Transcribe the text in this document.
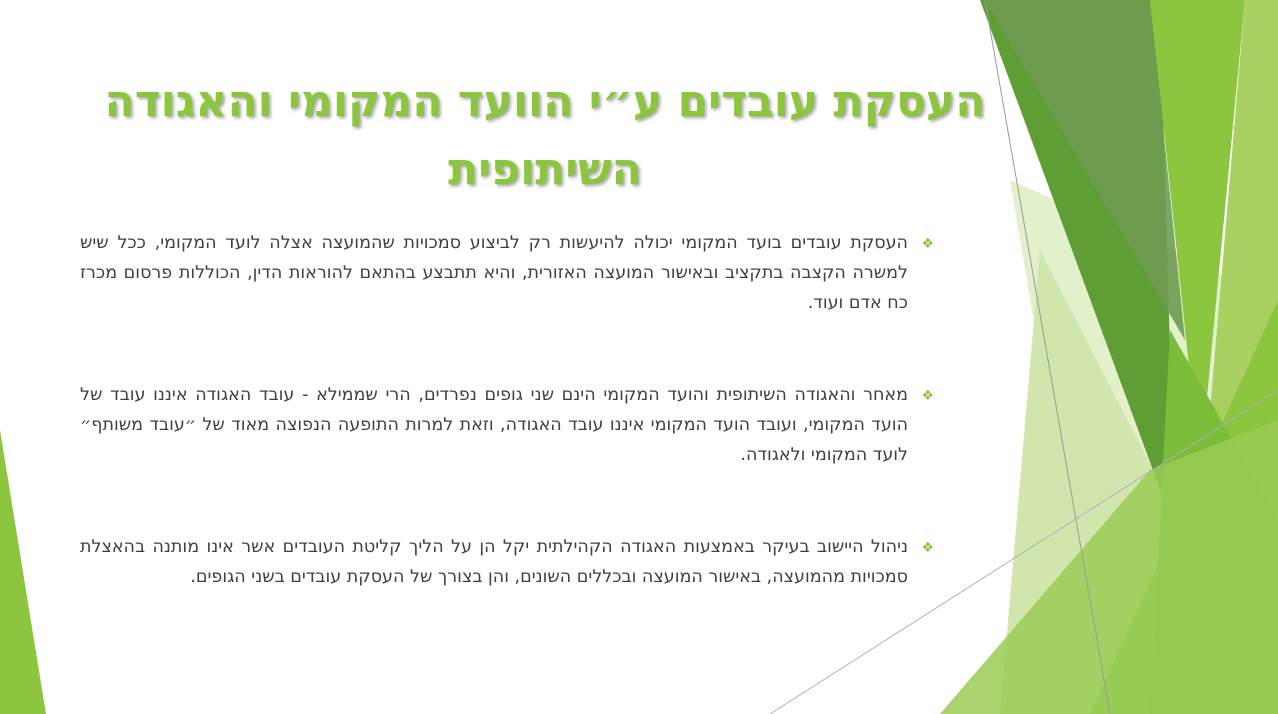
העסקת עובדים ע״י הוועד המקומי והאגודה השיתופית
❖
העסקת עובדים בועד המקומי יכולה להיעשות רק לביצוע סמכויות שהמועצה אצלה לועד המקומי, ככל שיש למשרה הקצבה בתקציב ובאישור המועצה האזורית, והיא תתבצע בהתאם להוראות הדין, הכוללות פרסום מכרז כח אדם ועוד.
❖
מאחר והאגודה השיתופית והועד המקומי הינם שני גופים נפרדים, הרי שממילא - עובד האגודה איננו עובד של הועד המקומי, ועובד הועד המקומי איננו עובד האגודה, וזאת למרות התופעה הנפוצה מאוד של ״עובד משותף״ לועד המקומי ולאגודה.
❖
ניהול היישוב בעיקר באמצעות האגודה הקהילתית יקל הן על הליך קליטת העובדים אשר אינו מותנה בהאצלת סמכויות מהמועצה, באישור המועצה ובכללים השונים, והן בצורך של העסקת עובדים בשני הגופים.
